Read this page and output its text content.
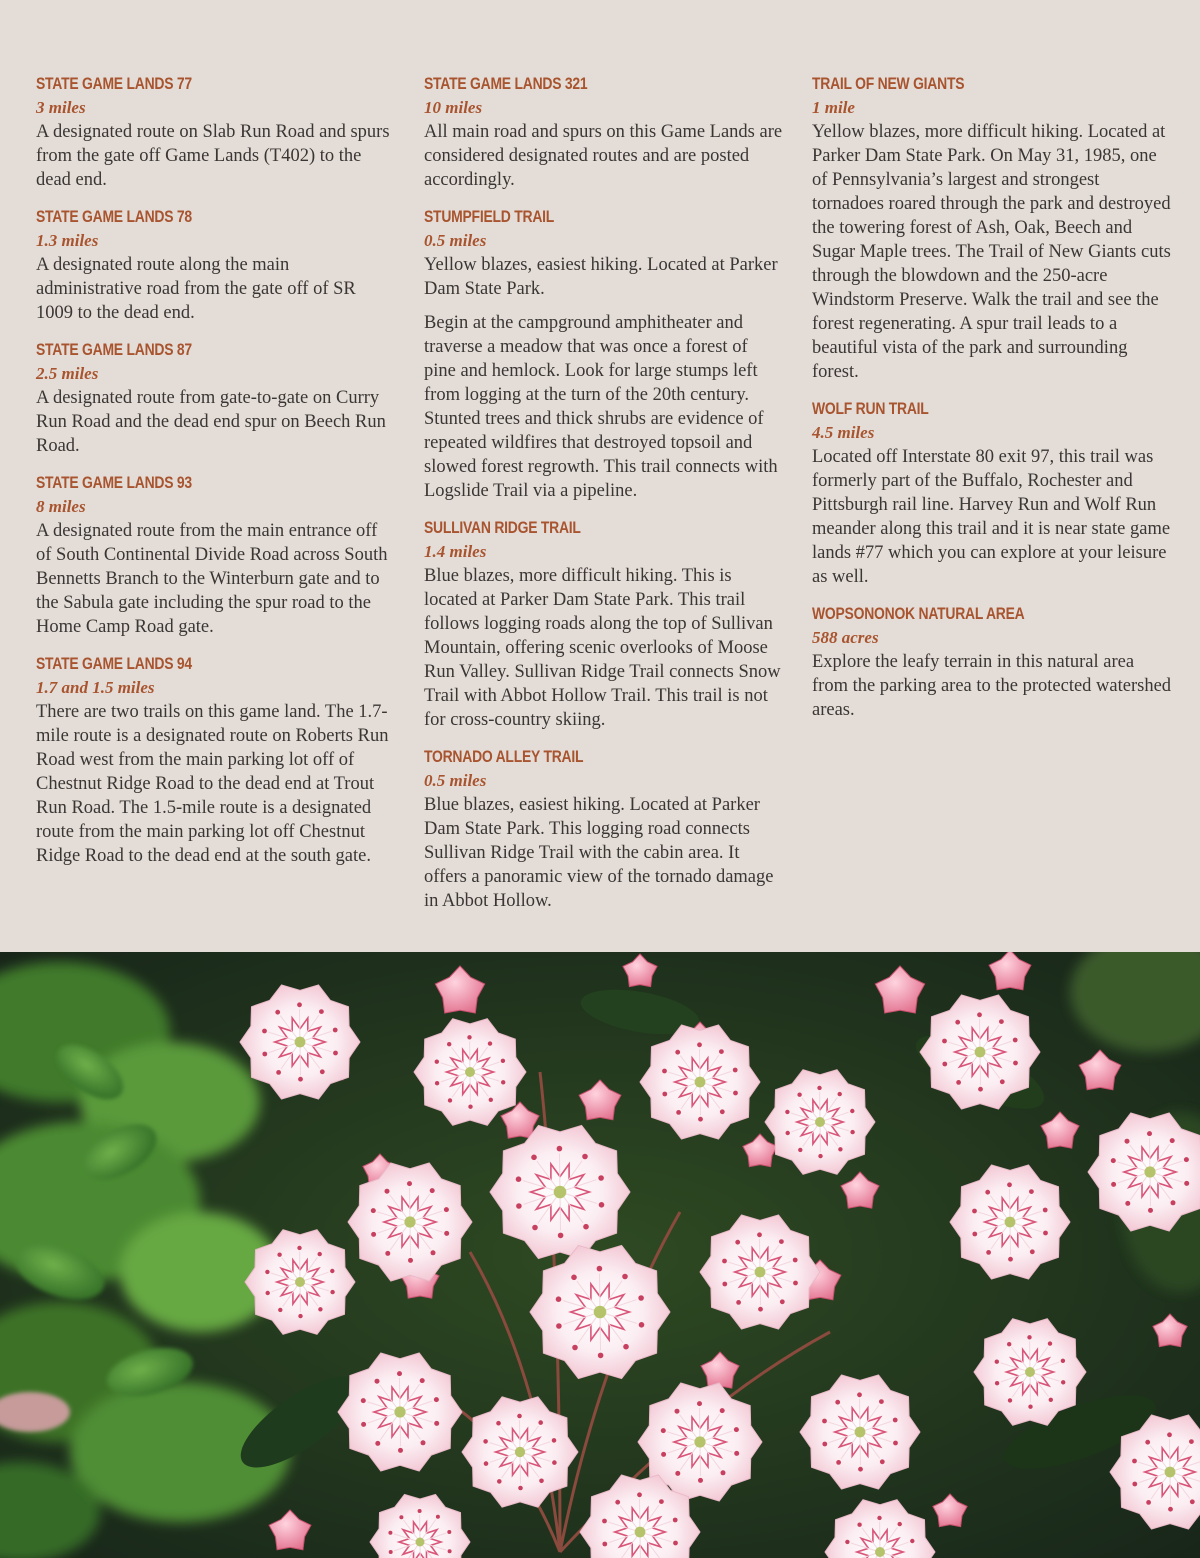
STATE GAME LANDS 77
3 miles

A designated route on Slab Run Road and spurs from the gate off Game Lands (T402) to the dead end.

STATE GAME LANDS 78
1.3 miles

A designated route along the main administrative road from the gate off of SR 1009 to the dead end.

STATE GAME LANDS 87
2.5 miles

A designated route from gate-to-gate on Curry Run Road and the dead end spur on Beech Run Road.

STATE GAME LANDS 93
8 miles

A designated route from the main entrance off of South Continental Divide Road across South Bennetts Branch to the Winterburn gate and to the Sabula gate including the spur road to the Home Camp Road gate.

STATE GAME LANDS 94
1.7 and 1.5 miles

There are two trails on this game land. The 1.7-mile route is a designated route on Roberts Run Road west from the main parking lot off of Chestnut Ridge Road to the dead end at Trout Run Road. The 1.5-mile route is a designated route from the main parking lot off Chestnut Ridge Road to the dead end at the south gate.

STATE GAME LANDS 321
10 miles

All main road and spurs on this Game Lands are considered designated routes and are posted accordingly.

STUMPFIELD TRAIL
0.5 miles

Yellow blazes, easiest hiking. Located at Parker Dam State Park.

Begin at the campground amphitheater and traverse a meadow that was once a forest of pine and hemlock. Look for large stumps left from logging at the turn of the 20th century. Stunted trees and thick shrubs are evidence of repeated wildfires that destroyed topsoil and slowed forest regrowth. This trail connects with Logslide Trail via a pipeline.

SULLIVAN RIDGE TRAIL
1.4 miles

Blue blazes, more difficult hiking. This is located at Parker Dam State Park. This trail follows logging roads along the top of Sullivan Mountain, offering scenic overlooks of Moose Run Valley. Sullivan Ridge Trail connects Snow Trail with Abbot Hollow Trail. This trail is not for cross-country skiing.

TORNADO ALLEY TRAIL
0.5 miles

Blue blazes, easiest hiking. Located at Parker Dam State Park. This logging road connects Sullivan Ridge Trail with the cabin area. It offers a panoramic view of the tornado damage in Abbot Hollow.

TRAIL OF NEW GIANTS
1 mile

Yellow blazes, more difficult hiking. Located at Parker Dam State Park. On May 31, 1985, one of Pennsylvania’s largest and strongest tornadoes roared through the park and destroyed the towering forest of Ash, Oak, Beech and Sugar Maple trees. The Trail of New Giants cuts through the blowdown and the 250-acre Windstorm Preserve. Walk the trail and see the forest regenerating. A spur trail leads to a beautiful vista of the park and surrounding forest.

WOLF RUN TRAIL
4.5 miles

Located off Interstate 80 exit 97, this trail was formerly part of the Buffalo, Rochester and Pittsburgh rail line. Harvey Run and Wolf Run meander along this trail and it is near state game lands #77 which you can explore at your leisure as well.

WOPSONONOK NATURAL AREA
588 acres

Explore the leafy terrain in this natural area from the parking area to the protected watershed areas.
